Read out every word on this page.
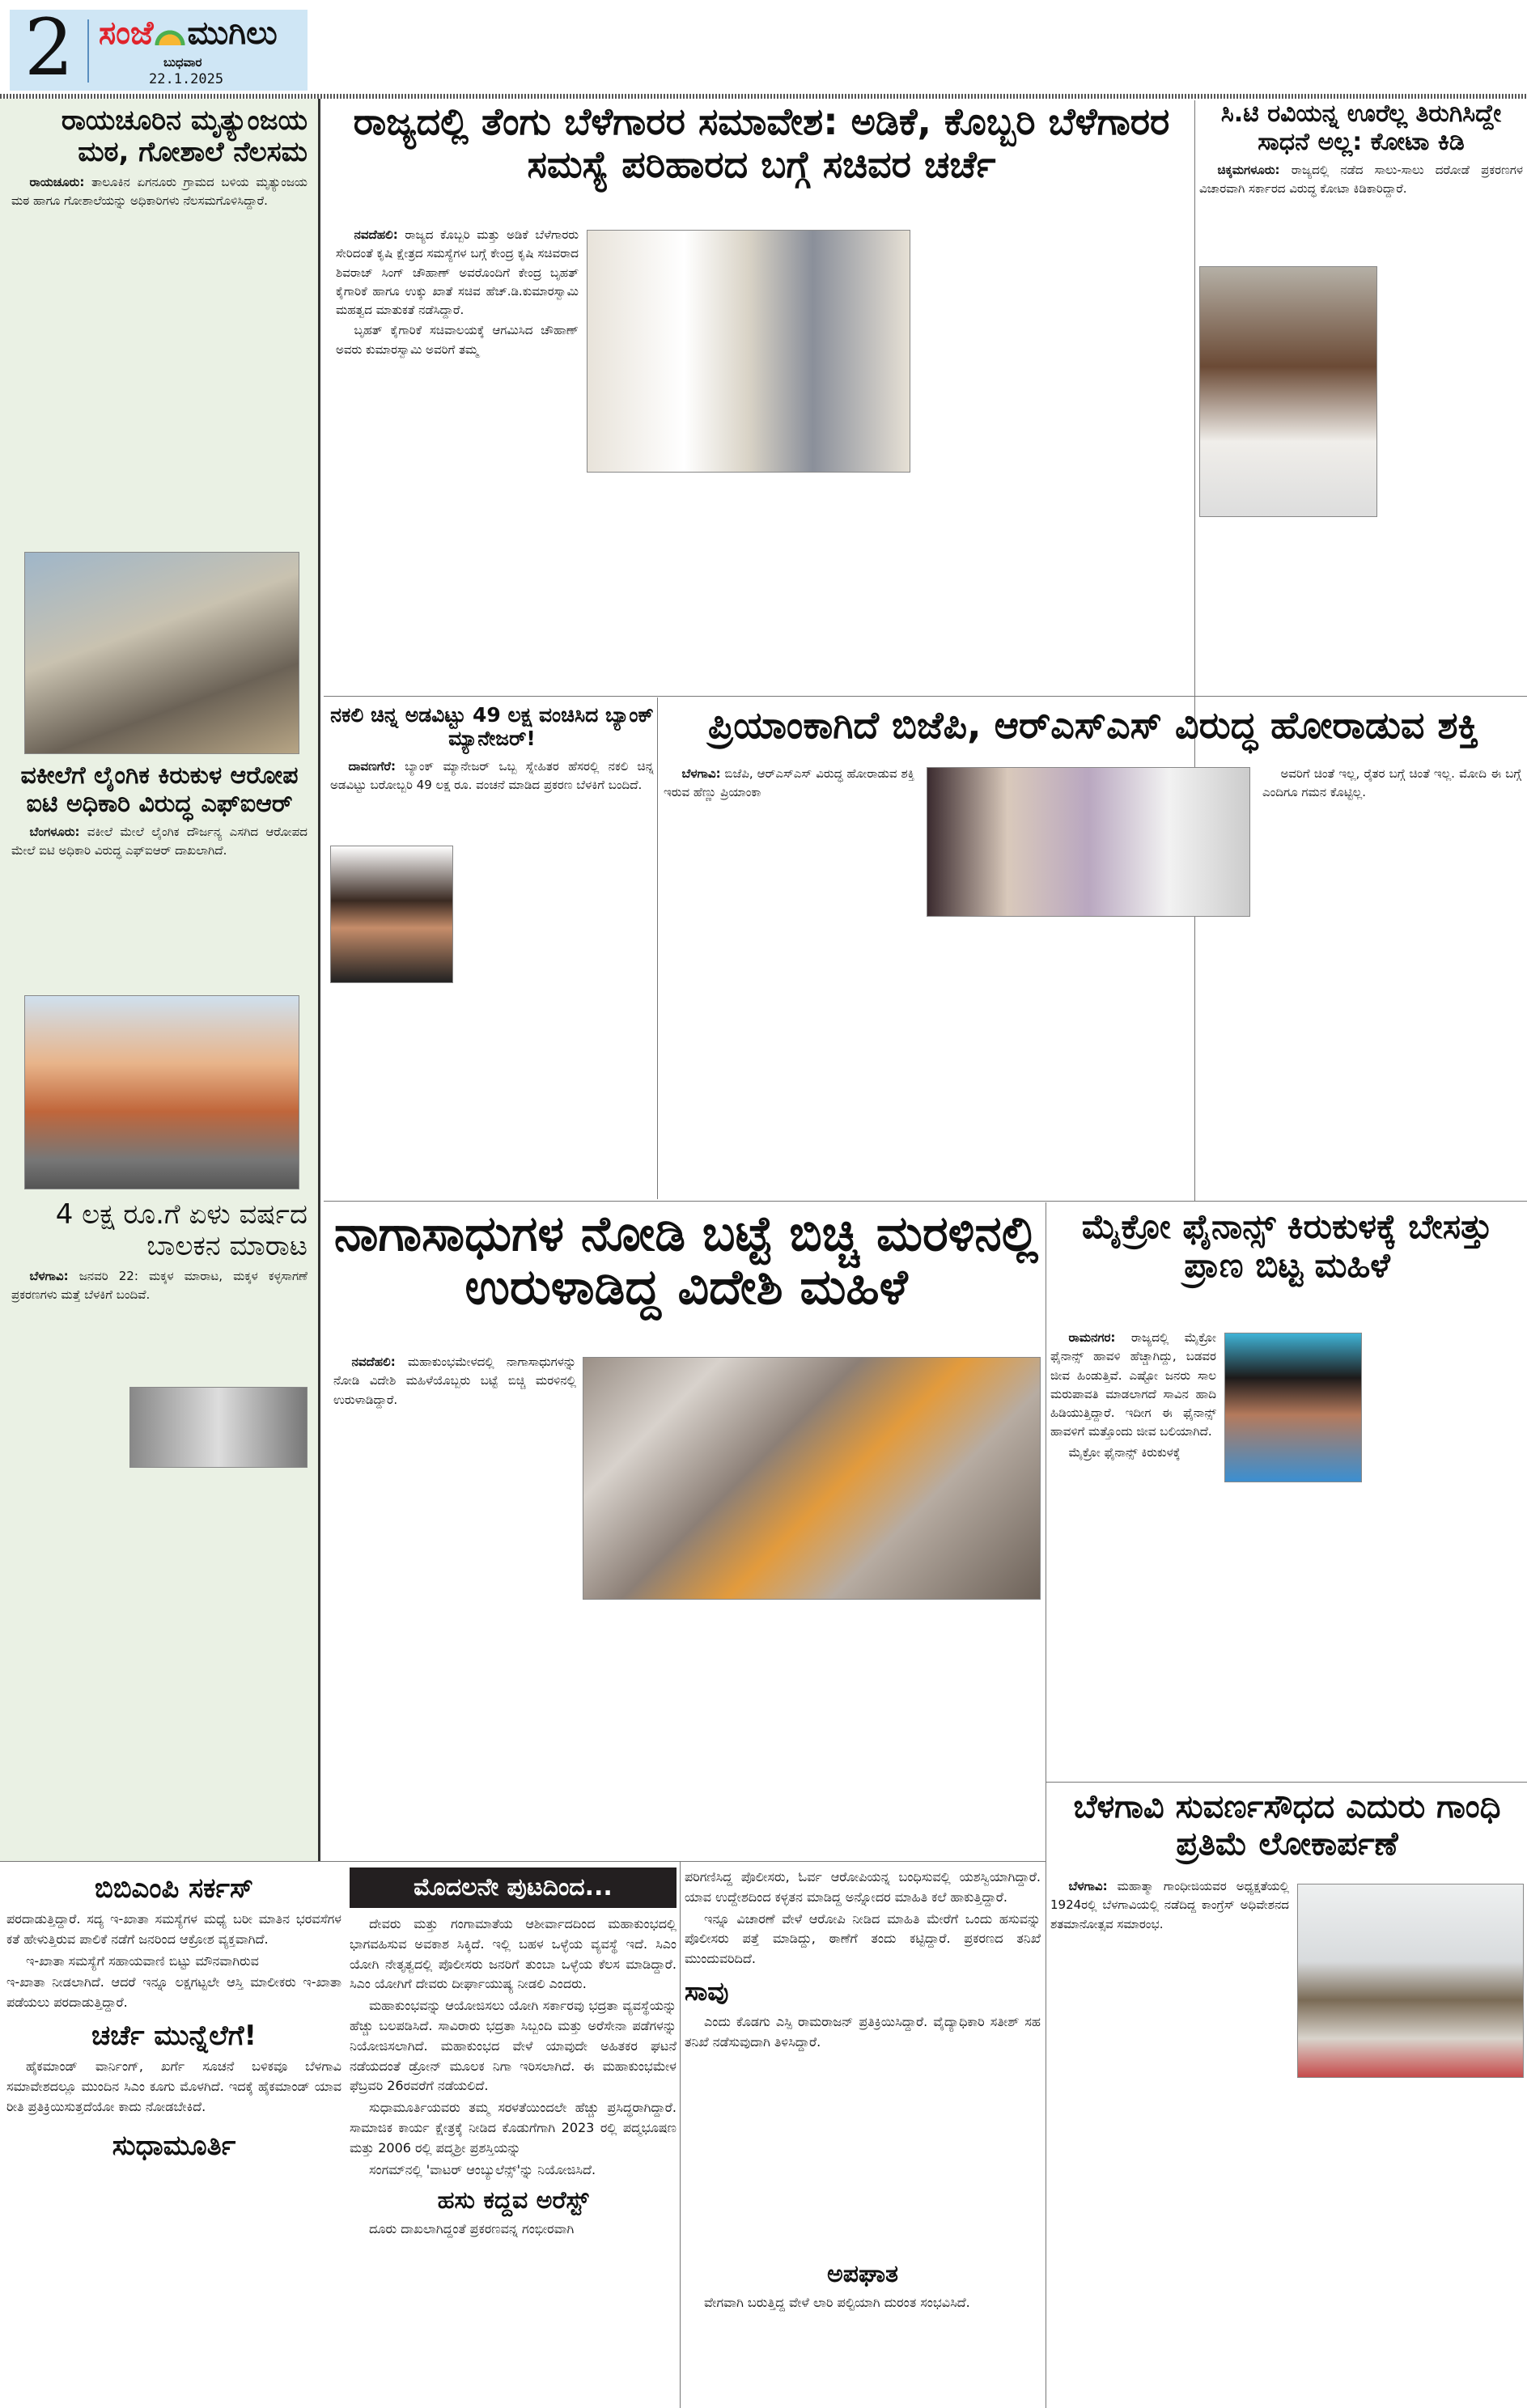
2 ಸಂಜೆ ಮುಗಿಲು
ಬುಧವಾರ
22.1.2025
ರಾಯಚೂರಿನ ಮೃತ್ಯುಂಜಯ ಮಠ, ಗೋಶಾಲೆ ನೆಲಸಮ

ರಾಯಚೂರು: ತಾಲೂಕಿನ ಏಗನೂರು ಗ್ರಾಮದ ಬಳಿಯ ಮೃತ್ಯುಂಜಯ ಮಠ ಹಾಗೂ ಗೋಶಾಲೆಯನ್ನು ಅಧಿಕಾರಿಗಳು ನೆಲಸಮಗೊಳಿಸಿದ್ದಾರೆ.

ವಕೀಲೆಗೆ ಲೈಂಗಿಕ ಕಿರುಕುಳ ಆರೋಪ ಐಟಿ ಅಧಿಕಾರಿ ವಿರುದ್ಧ ಎಫ್‌ಐಆರ್

ಬೆಂಗಳೂರು: ವಕೀಲೆ ಮೇಲೆ ಲೈಂಗಿಕ ದೌರ್ಜನ್ಯ ಎಸಗಿದ ಆರೋಪದ ಮೇಲೆ ಐಟಿ ಅಧಿಕಾರಿ ವಿರುದ್ಧ ಎಫ್‌ಐಆರ್ ದಾಖಲಾಗಿದೆ.

4 ಲಕ್ಷ ರೂ.ಗೆ ಏಳು ವರ್ಷದ ಬಾಲಕನ ಮಾರಾಟ

ಬೆಳಗಾವಿ: ಜನವರಿ 22: ಮಕ್ಕಳ ಮಾರಾಟ, ಮಕ್ಕಳ ಕಳ್ಳಸಾಗಣೆ ಪ್ರಕರಣಗಳು ಮತ್ತೆ ಬೆಳಕಿಗೆ ಬಂದಿವೆ.

ರಾಜ್ಯದಲ್ಲಿ ತೆಂಗು ಬೆಳೆಗಾರರ ಸಮಾವೇಶ: ಅಡಿಕೆ, ಕೊಬ್ಬರಿ ಬೆಳೆಗಾರರ ಸಮಸ್ಯೆ ಪರಿಹಾರದ ಬಗ್ಗೆ ಸಚಿವರ ಚರ್ಚೆ

ನವದೆಹಲಿ: ರಾಜ್ಯದ ಕೊಬ್ಬರಿ ಮತ್ತು ಅಡಿಕೆ ಬೆಳೆಗಾರರು ಸೇರಿದಂತೆ ಕೃಷಿ ಕ್ಷೇತ್ರದ ಸಮಸ್ಯೆಗಳ ಬಗ್ಗೆ ಕೇಂದ್ರ ಕೃಷಿ ಸಚಿವರಾದ ಶಿವರಾಜ್ ಸಿಂಗ್ ಚೌಹಾಣ್ ಅವರೊಂದಿಗೆ ಕೇಂದ್ರ ಬೃಹತ್ ಕೈಗಾರಿಕೆ ಹಾಗೂ ಉಕ್ಕು ಖಾತೆ ಸಚಿವ ಹೆಚ್.ಡಿ.ಕುಮಾರಸ್ವಾಮಿ ಮಹತ್ವದ ಮಾತುಕತೆ ನಡೆಸಿದ್ದಾರೆ.

ಬೃಹತ್ ಕೈಗಾರಿಕೆ ಸಚಿವಾಲಯಕ್ಕೆ ಆಗಮಿಸಿದ ಚೌಹಾಣ್ ಅವರು ಕುಮಾರಸ್ವಾಮಿ ಅವರಿಗೆ ತಮ್ಮ

ಸಿ.ಟಿ ರವಿಯನ್ನ ಊರೆಲ್ಲ ತಿರುಗಿಸಿದ್ದೇ ಸಾಧನೆ ಅಲ್ಲ: ಕೋಟಾ ಕಿಡಿ

ಚಿಕ್ಕಮಗಳೂರು: ರಾಜ್ಯದಲ್ಲಿ ನಡೆದ ಸಾಲು-ಸಾಲು ದರೋಡೆ ಪ್ರಕರಣಗಳ ವಿಚಾರವಾಗಿ ಸರ್ಕಾರದ ವಿರುದ್ಧ ಕೋಟಾ ಕಿಡಿಕಾರಿದ್ದಾರೆ.

ನಕಲಿ ಚಿನ್ನ ಅಡವಿಟ್ಟು 49 ಲಕ್ಷ ವಂಚಿಸಿದ ಬ್ಯಾಂಕ್ ಮ್ಯಾನೇಜರ್!

ದಾವಣಗೆರೆ: ಬ್ಯಾಂಕ್ ಮ್ಯಾನೇಜರ್ ಒಬ್ಬ ಸ್ನೇಹಿತರ ಹೆಸರಲ್ಲಿ ನಕಲಿ ಚಿನ್ನ ಅಡವಿಟ್ಟು ಬರೋಬ್ಬರಿ 49 ಲಕ್ಷ ರೂ. ವಂಚನೆ ಮಾಡಿದ ಪ್ರಕರಣ ಬೆಳಕಿಗೆ ಬಂದಿದೆ.

ಪ್ರಿಯಾಂಕಾಗಿದೆ ಬಿಜೆಪಿ, ಆರ್‌ಎಸ್‌ಎಸ್ ವಿರುದ್ಧ ಹೋರಾಡುವ ಶಕ್ತಿ

ಬೆಳಗಾವಿ: ಬಿಜೆಪಿ, ಆರ್‌ಎಸ್‌ಎಸ್ ವಿರುದ್ಧ ಹೋರಾಡುವ ಶಕ್ತಿ ಇರುವ ಹೆಣ್ಣು ಪ್ರಿಯಾಂಕಾ

ಅವರಿಗೆ ಚಿಂತೆ ಇಲ್ಲ, ರೈತರ ಬಗ್ಗೆ ಚಿಂತೆ ಇಲ್ಲ. ಮೋದಿ ಈ ಬಗ್ಗೆ ಎಂದಿಗೂ ಗಮನ ಕೊಟ್ಟಿಲ್ಲ.

ನಾಗಾಸಾಧುಗಳ ನೋಡಿ ಬಟ್ಟೆ ಬಿಚ್ಚಿ ಮರಳಿನಲ್ಲಿ ಉರುಳಾಡಿದ್ದ ವಿದೇಶಿ ಮಹಿಳೆ

ನವದೆಹಲಿ: ಮಹಾಕುಂಭಮೇಳದಲ್ಲಿ ನಾಗಾಸಾಧುಗಳನ್ನು ನೋಡಿ ವಿದೇಶಿ ಮಹಿಳೆಯೊಬ್ಬರು ಬಟ್ಟೆ ಬಿಚ್ಚಿ ಮರಳಿನಲ್ಲಿ ಉರುಳಾಡಿದ್ದಾರೆ.

ಮೈಕ್ರೋ ಫೈನಾನ್ಸ್ ಕಿರುಕುಳಕ್ಕೆ ಬೇಸತ್ತು ಪ್ರಾಣ ಬಿಟ್ಟ ಮಹಿಳೆ

ರಾಮನಗರ: ರಾಜ್ಯದಲ್ಲಿ ಮೈಕ್ರೋ ಫೈನಾನ್ಸ್ ಹಾವಳಿ ಹೆಚ್ಚಾಗಿದ್ದು, ಬಡವರ ಜೀವ ಹಿಂಡುತ್ತಿವೆ. ಎಷ್ಟೋ ಜನರು ಸಾಲ ಮರುಪಾವತಿ ಮಾಡಲಾಗದೆ ಸಾವಿನ ಹಾದಿ ಹಿಡಿಯುತ್ತಿದ್ದಾರೆ. ಇದೀಗ ಈ ಫೈನಾನ್ಸ್ ಹಾವಳಿಗೆ ಮತ್ತೊಂದು ಜೀವ ಬಲಿಯಾಗಿದೆ.

ಮೈಕ್ರೋ ಫೈನಾನ್ಸ್ ಕಿರುಕುಳಕ್ಕೆ

ಬೆಳಗಾವಿ ಸುವರ್ಣಸೌಧದ ಎದುರು ಗಾಂಧಿ ಪ್ರತಿಮೆ ಲೋಕಾರ್ಪಣೆ

ಬೆಳಗಾವಿ: ಮಹಾತ್ಮಾ ಗಾಂಧೀಜಿಯವರ ಅಧ್ಯಕ್ಷತೆಯಲ್ಲಿ 1924ರಲ್ಲಿ ಬೆಳಗಾವಿಯಲ್ಲಿ ನಡೆದಿದ್ದ ಕಾಂಗ್ರೆಸ್ ಅಧಿವೇಶನದ ಶತಮಾನೋತ್ಸವ ಸಮಾರಂಭ.

ಬಿಬಿಎಂಪಿ ಸರ್ಕಸ್

ಪರದಾಡುತ್ತಿದ್ದಾರೆ. ಸದ್ಯ ಇ-ಖಾತಾ ಸಮಸ್ಯೆಗಳ ಮಧ್ಯೆ ಬರೀ ಮಾತಿನ ಭರವಸೆಗಳ ಕತೆ ಹೇಳುತ್ತಿರುವ ಪಾಲಿಕೆ ನಡೆಗೆ ಜನರಿಂದ ಆಕ್ರೋಶ ವ್ಯಕ್ತವಾಗಿದೆ.

ಇ-ಖಾತಾ ಸಮಸ್ಯೆಗೆ ಸಹಾಯವಾಣಿ ಬಿಟ್ಟು ಮೌನವಾಗಿರುವ

ಇ-ಖಾತಾ ನೀಡಲಾಗಿದೆ. ಆದರೆ ಇನ್ನೂ ಲಕ್ಷಗಟ್ಟಲೇ ಆಸ್ತಿ ಮಾಲೀಕರು ಇ-ಖಾತಾ ಪಡೆಯಲು ಪರದಾಡುತ್ತಿದ್ದಾರೆ.

ಚರ್ಚೆ ಮುನ್ನೆಲೆಗೆ!

ಹೈಕಮಾಂಡ್ ವಾರ್ನಿಂಗ್, ಖರ್ಗೆ ಸೂಚನೆ ಬಳಿಕವೂ ಬೆಳಗಾವಿ ಸಮಾವೇಶದಲ್ಲೂ ಮುಂದಿನ ಸಿಎಂ ಕೂಗು ಮೊಳಗಿದೆ. ಇದಕ್ಕೆ ಹೈಕಮಾಂಡ್ ಯಾವ ರೀತಿ ಪ್ರತಿಕ್ರಿಯಿಸುತ್ತದೆಯೋ ಕಾದು ನೋಡಬೇಕಿದೆ.

ಸುಧಾಮೂರ್ತಿ
ಮೊದಲನೇ ಪುಟದಿಂದ...

ದೇವರು ಮತ್ತು ಗಂಗಾಮಾತೆಯ ಆಶೀರ್ವಾದದಿಂದ ಮಹಾಕುಂಭದಲ್ಲಿ ಭಾಗವಹಿಸುವ ಅವಕಾಶ ಸಿಕ್ಕಿದೆ. ಇಲ್ಲಿ ಬಹಳ ಒಳ್ಳೆಯ ವ್ಯವಸ್ಥೆ ಇದೆ. ಸಿಎಂ ಯೋಗಿ ನೇತೃತ್ವದಲ್ಲಿ ಪೊಲೀಸರು ಜನರಿಗೆ ತುಂಬಾ ಒಳ್ಳೆಯ ಕೆಲಸ ಮಾಡಿದ್ದಾರೆ. ಸಿಎಂ ಯೋಗಿಗೆ ದೇವರು ದೀರ್ಘಾಯುಷ್ಯ ನೀಡಲಿ ಎಂದರು.

ಮಹಾಕುಂಭವನ್ನು ಆಯೋಜಿಸಲು ಯೋಗಿ ಸರ್ಕಾರವು ಭದ್ರತಾ ವ್ಯವಸ್ಥೆಯನ್ನು ಹೆಚ್ಚು ಬಲಪಡಿಸಿದೆ. ಸಾವಿರಾರು ಭದ್ರತಾ ಸಿಬ್ಬಂದಿ ಮತ್ತು ಅರೆಸೇನಾ ಪಡೆಗಳನ್ನು ನಿಯೋಜಿಸಲಾಗಿದೆ. ಮಹಾಕುಂಭದ ವೇಳೆ ಯಾವುದೇ ಅಹಿತಕರ ಘಟನೆ ನಡೆಯದಂತೆ ಡ್ರೋನ್ ಮೂಲಕ ನಿಗಾ ಇರಿಸಲಾಗಿದೆ. ಈ ಮಹಾಕುಂಭಮೇಳ ಫೆಬ್ರವರಿ 26ರವರೆಗೆ ನಡೆಯಲಿದೆ.

ಸುಧಾಮೂರ್ತಿಯವರು ತಮ್ಮ ಸರಳತೆಯಿಂದಲೇ ಹೆಚ್ಚು ಪ್ರಸಿದ್ಧರಾಗಿದ್ದಾರೆ. ಸಾಮಾಜಿಕ ಕಾರ್ಯ ಕ್ಷೇತ್ರಕ್ಕೆ ನೀಡಿದ ಕೊಡುಗೆಗಾಗಿ 2023 ರಲ್ಲಿ ಪದ್ಮಭೂಷಣ ಮತ್ತು 2006 ರಲ್ಲಿ ಪದ್ಮಶ್ರೀ ಪ್ರಶಸ್ತಿಯನ್ನು

ಸಂಗಮ್‌ನಲ್ಲಿ 'ವಾಟರ್ ಆಂಬ್ಯುಲೆನ್ಸ್'ನ್ನು ನಿಯೋಜಿಸಿದೆ.

ಹಸು ಕದ್ದವ ಅರೆಸ್ಟ್

ದೂರು ದಾಖಲಾಗಿದ್ದಂತೆ ಪ್ರಕರಣವನ್ನ ಗಂಭೀರವಾಗಿ

ಪರಿಗಣಿಸಿದ್ದ ಪೊಲೀಸರು, ಓರ್ವ ಆರೋಪಿಯನ್ನ ಬಂಧಿಸುವಲ್ಲಿ ಯಶಸ್ವಿಯಾಗಿದ್ದಾರೆ. ಯಾವ ಉದ್ದೇಶದಿಂದ ಕಳ್ಳತನ ಮಾಡಿದ್ದ ಅನ್ನೋದರ ಮಾಹಿತಿ ಕಲೆ ಹಾಕುತ್ತಿದ್ದಾರೆ.

ಇನ್ನೂ ವಿಚಾರಣೆ ವೇಳೆ ಆರೋಪಿ ನೀಡಿದ ಮಾಹಿತಿ ಮೇರೆಗೆ ಒಂದು ಹಸುವನ್ನು ಪೊಲೀಸರು ಪತ್ತೆ ಮಾಡಿದ್ದು, ಠಾಣೆಗೆ ತಂದು ಕಟ್ಟಿದ್ದಾರೆ. ಪ್ರಕರಣದ ತನಿಖೆ ಮುಂದುವರಿದಿದೆ.

ಸಾವು

ಎಂದು ಕೊಡಗು ಎಸ್ಪಿ ರಾಮರಾಜನ್ ಪ್ರತಿಕ್ರಿಯಿಸಿದ್ದಾರೆ. ವೈದ್ಯಾಧಿಕಾರಿ ಸತೀಶ್ ಸಹ ತನಿಖೆ ನಡೆಸುವುದಾಗಿ ತಿಳಿಸಿದ್ದಾರೆ.

ಅಪಘಾತ

ವೇಗವಾಗಿ ಬರುತ್ತಿದ್ದ ವೇಳೆ ಲಾರಿ ಪಲ್ಟಿಯಾಗಿ ದುರಂತ ಸಂಭವಿಸಿದೆ.
